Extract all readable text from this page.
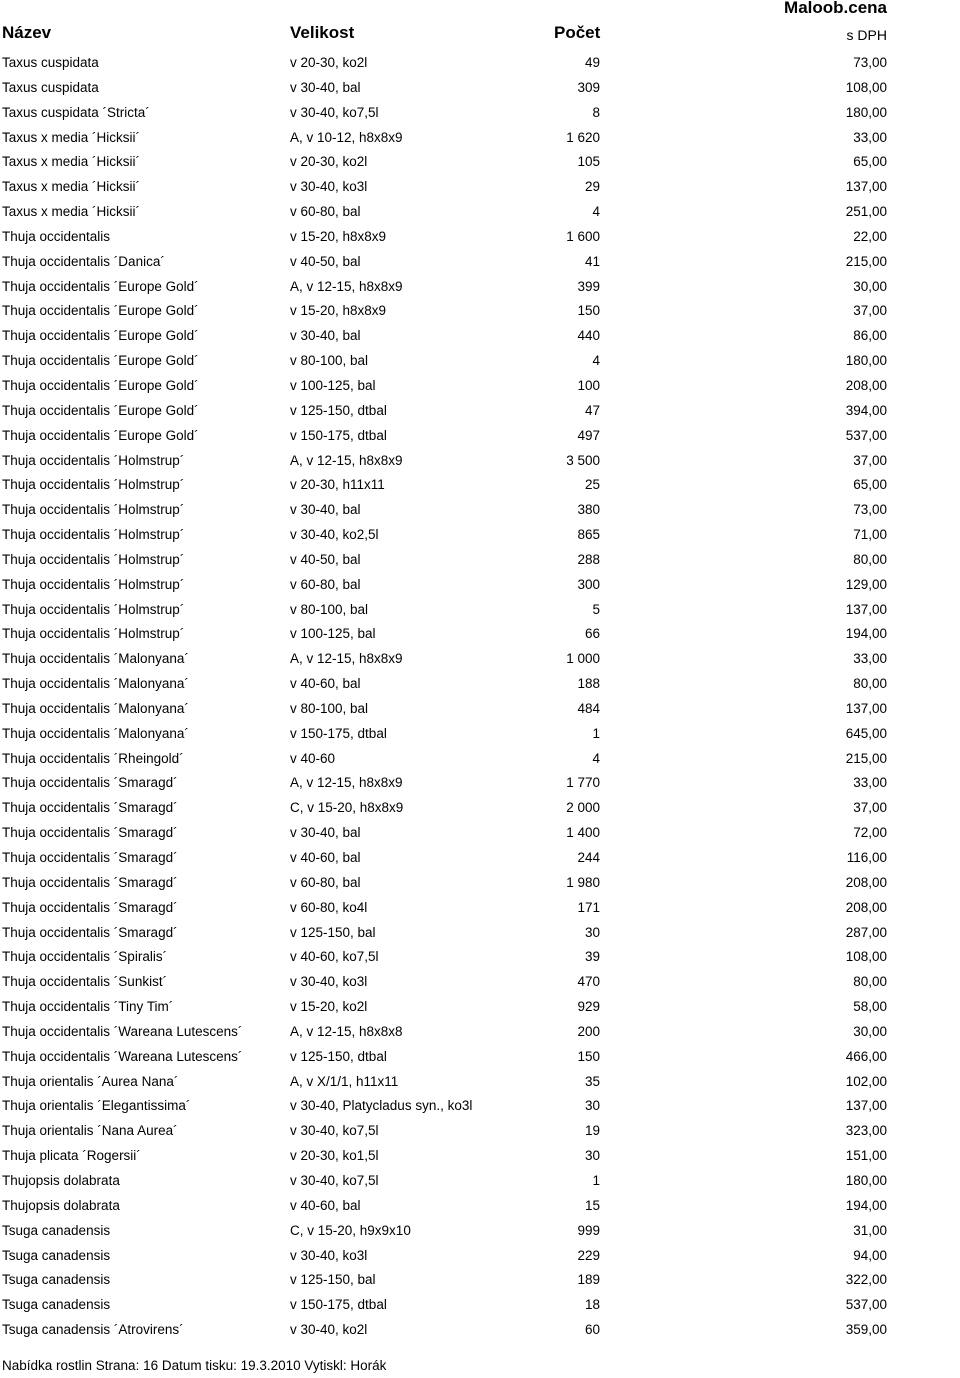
Název	Velikost	Počet
Maloob.cena
s DPH
Taxus cuspidata	v 20-30, ko2l	49	73,00
Taxus cuspidata	v 30-40, bal	309	108,00
Taxus cuspidata ´Stricta´	v 30-40, ko7,5l	8	180,00
Taxus x media ´Hicksii´	A, v 10-12, h8x8x9	1 620	33,00
Taxus x media ´Hicksii´	v 20-30, ko2l	105	65,00
Taxus x media ´Hicksii´	v 30-40, ko3l	29	137,00
Taxus x media ´Hicksii´	v 60-80, bal	4	251,00
Thuja occidentalis	v 15-20, h8x8x9	1 600	22,00
Thuja occidentalis ´Danica´	v 40-50, bal	41	215,00
Thuja occidentalis ´Europe Gold´	A, v 12-15, h8x8x9	399	30,00
Thuja occidentalis ´Europe Gold´	v 15-20, h8x8x9	150	37,00
Thuja occidentalis ´Europe Gold´	v 30-40, bal	440	86,00
Thuja occidentalis ´Europe Gold´	v 80-100, bal	4	180,00
Thuja occidentalis ´Europe Gold´	v 100-125, bal	100	208,00
Thuja occidentalis ´Europe Gold´	v 125-150, dtbal	47	394,00
Thuja occidentalis ´Europe Gold´	v 150-175, dtbal	497	537,00
Thuja occidentalis ´Holmstrup´	A, v 12-15, h8x8x9	3 500	37,00
Thuja occidentalis ´Holmstrup´	v 20-30, h11x11	25	65,00
Thuja occidentalis ´Holmstrup´	v 30-40, bal	380	73,00
Thuja occidentalis ´Holmstrup´	v 30-40, ko2,5l	865	71,00
Thuja occidentalis ´Holmstrup´	v 40-50, bal	288	80,00
Thuja occidentalis ´Holmstrup´	v 60-80, bal	300	129,00
Thuja occidentalis ´Holmstrup´	v 80-100, bal	5	137,00
Thuja occidentalis ´Holmstrup´	v 100-125, bal	66	194,00
Thuja occidentalis ´Malonyana´	A, v 12-15, h8x8x9	1 000	33,00
Thuja occidentalis ´Malonyana´	v 40-60, bal	188	80,00
Thuja occidentalis ´Malonyana´	v 80-100, bal	484	137,00
Thuja occidentalis ´Malonyana´	v 150-175, dtbal	1	645,00
Thuja occidentalis ´Rheingold´	v 40-60	4	215,00
Thuja occidentalis ´Smaragd´	A, v 12-15, h8x8x9	1 770	33,00
Thuja occidentalis ´Smaragd´	C, v 15-20, h8x8x9	2 000	37,00
Thuja occidentalis ´Smaragd´	v 30-40, bal	1 400	72,00
Thuja occidentalis ´Smaragd´	v 40-60, bal	244	116,00
Thuja occidentalis ´Smaragd´	v 60-80, bal	1 980	208,00
Thuja occidentalis ´Smaragd´	v 60-80, ko4l	171	208,00
Thuja occidentalis ´Smaragd´	v 125-150, bal	30	287,00
Thuja occidentalis ´Spiralis´	v 40-60, ko7,5l	39	108,00
Thuja occidentalis ´Sunkist´	v 30-40, ko3l	470	80,00
Thuja occidentalis ´Tiny Tim´	v 15-20, ko2l	929	58,00
Thuja occidentalis ´Wareana Lutescens´	A, v 12-15, h8x8x8	200	30,00
Thuja occidentalis ´Wareana Lutescens´	v 125-150, dtbal	150	466,00
Thuja orientalis ´Aurea Nana´	A, v X/1/1, h11x11	35	102,00
Thuja orientalis ´Elegantissima´	v 30-40, Platycladus syn., ko3l	30	137,00
Thuja orientalis ´Nana Aurea´	v 30-40, ko7,5l	19	323,00
Thuja plicata ´Rogersii´	v 20-30, ko1,5l	30	151,00
Thujopsis dolabrata	v 30-40, ko7,5l	1	180,00
Thujopsis dolabrata	v 40-60, bal	15	194,00
Tsuga canadensis	C, v 15-20, h9x9x10	999	31,00
Tsuga canadensis	v 30-40, ko3l	229	94,00
Tsuga canadensis	v 125-150, bal	189	322,00
Tsuga canadensis	v 150-175, dtbal	18	537,00
Tsuga canadensis ´Atrovirens´	v 30-40, ko2l	60	359,00
Nabídka rostlin Strana: 16 Datum tisku: 19.3.2010 Vytiskl: Horák
